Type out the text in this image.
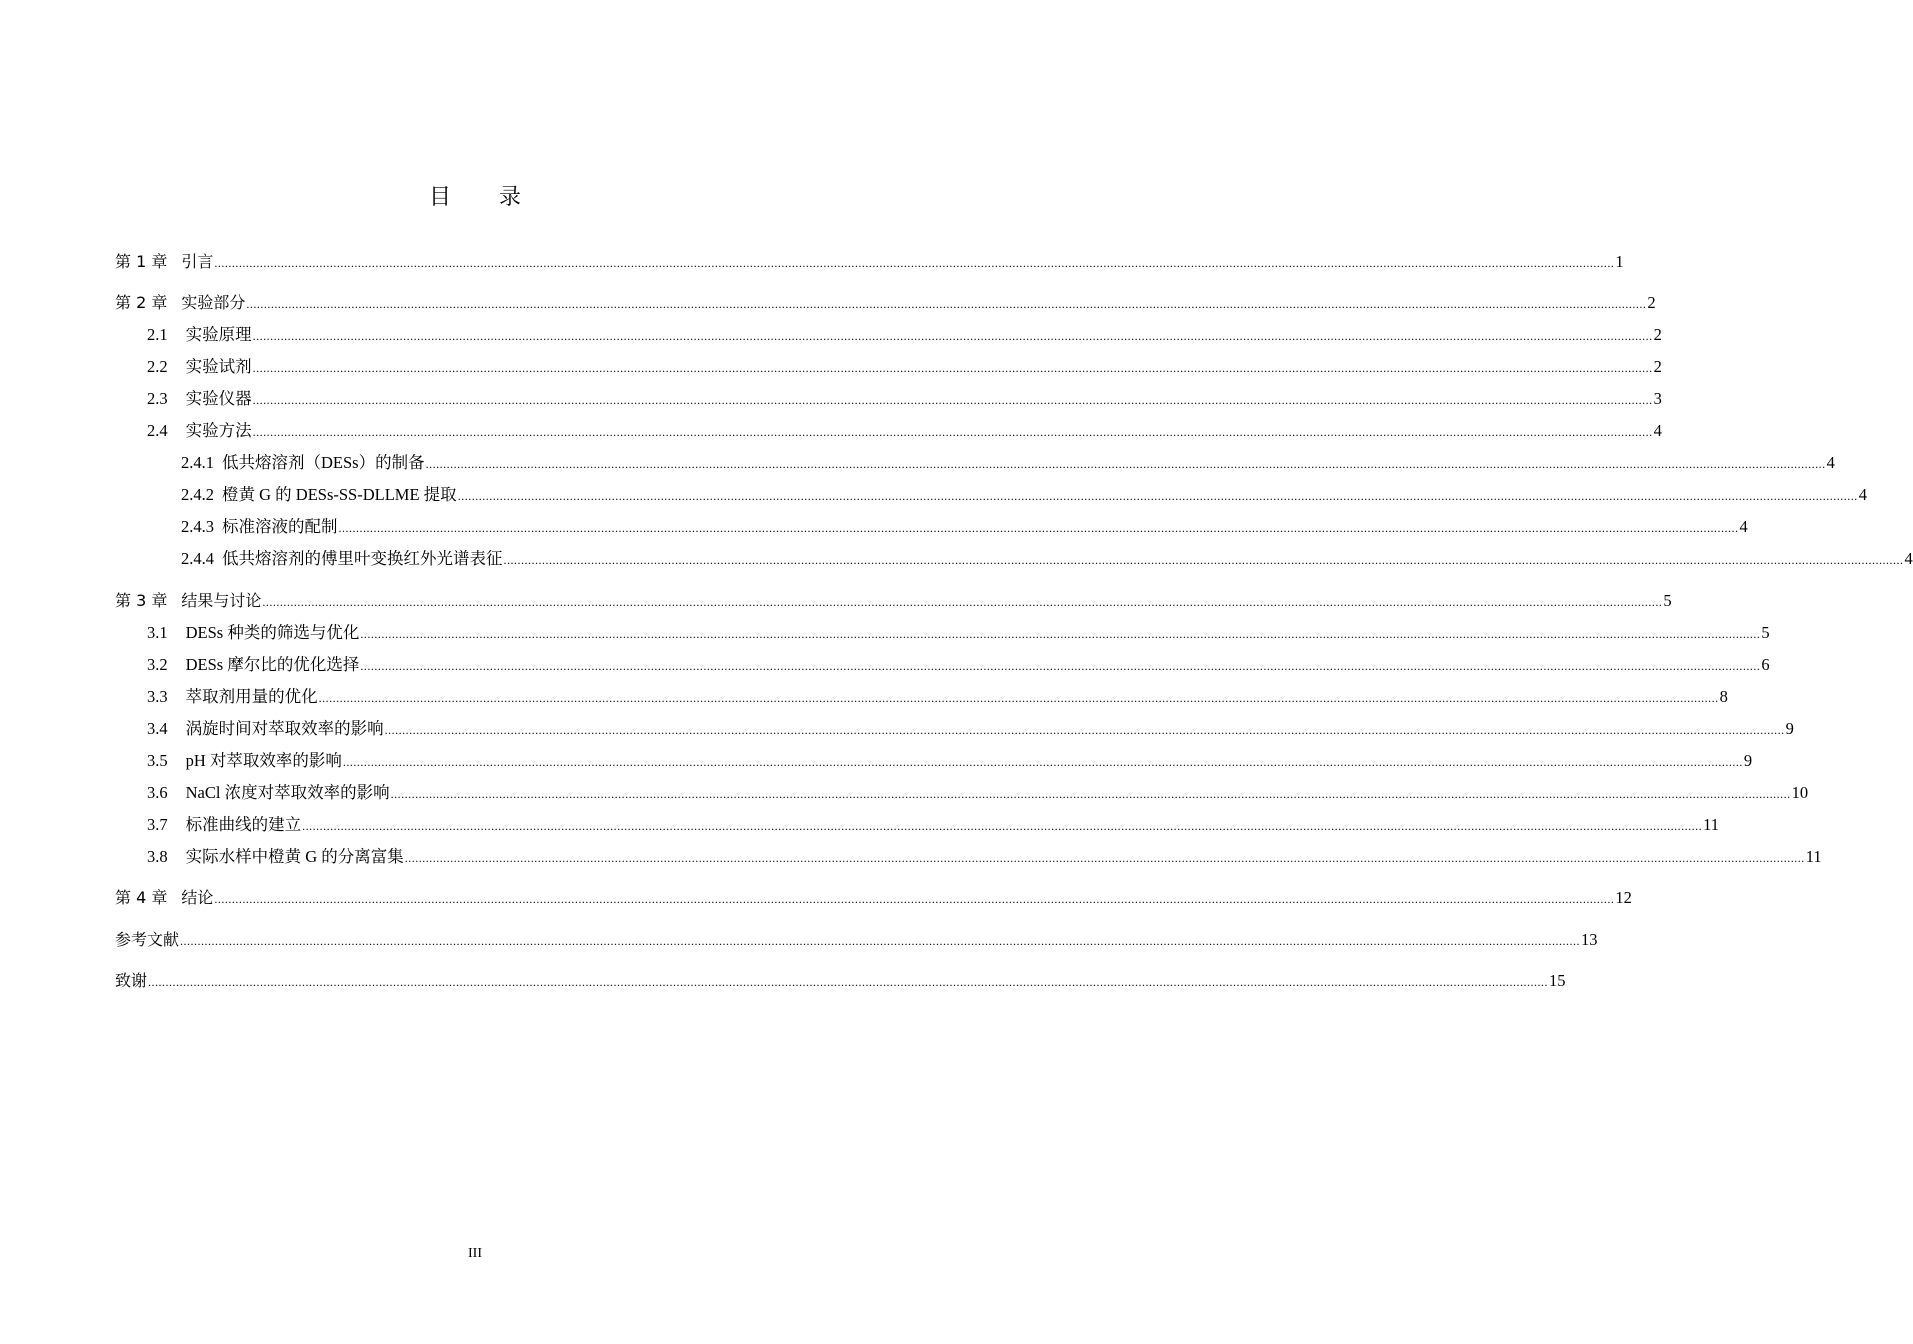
目 录
第 1 章 引言 ................................................................................................................................................................................................................................................................................................................................................................................................................ 1
第 2 章 实验部分 ................................................................................................................................................................................................................................................................................................................................................................................................................ 2
2.1 实验原理 ................................................................................................................................................................................................................................................................................................................................................................................................................ 2
2.2 实验试剂 ................................................................................................................................................................................................................................................................................................................................................................................................................ 2
2.3 实验仪器 ................................................................................................................................................................................................................................................................................................................................................................................................................ 3
2.4 实验方法 ................................................................................................................................................................................................................................................................................................................................................................................................................ 4
2.4.1 低共熔溶剂（DESs）的制备 ................................................................................................................................................................................................................................................................................................................................................................................................................ 4
2.4.2 橙黄 G 的 DESs-SS-DLLME 提取 ................................................................................................................................................................................................................................................................................................................................................................................................................ 4
2.4.3 标准溶液的配制 ................................................................................................................................................................................................................................................................................................................................................................................................................ 4
2.4.4 低共熔溶剂的傅里叶变换红外光谱表征 ................................................................................................................................................................................................................................................................................................................................................................................................................ 4
第 3 章 结果与讨论 ................................................................................................................................................................................................................................................................................................................................................................................................................ 5
3.1 DESs 种类的筛选与优化 ................................................................................................................................................................................................................................................................................................................................................................................................................ 5
3.2 DESs 摩尔比的优化选择 ................................................................................................................................................................................................................................................................................................................................................................................................................ 6
3.3 萃取剂用量的优化 ................................................................................................................................................................................................................................................................................................................................................................................................................ 8
3.4 涡旋时间对萃取效率的影响 ................................................................................................................................................................................................................................................................................................................................................................................................................ 9
3.5 pH 对萃取效率的影响 ................................................................................................................................................................................................................................................................................................................................................................................................................ 9
3.6 NaCl 浓度对萃取效率的影响 ................................................................................................................................................................................................................................................................................................................................................................................................................ 10
3.7 标准曲线的建立 ................................................................................................................................................................................................................................................................................................................................................................................................................ 11
3.8 实际水样中橙黄 G 的分离富集 ................................................................................................................................................................................................................................................................................................................................................................................................................ 11
第 4 章 结论 ................................................................................................................................................................................................................................................................................................................................................................................................................ 12
参考文献 ................................................................................................................................................................................................................................................................................................................................................................................................................ 13
致谢 ................................................................................................................................................................................................................................................................................................................................................................................................................ 15
III
